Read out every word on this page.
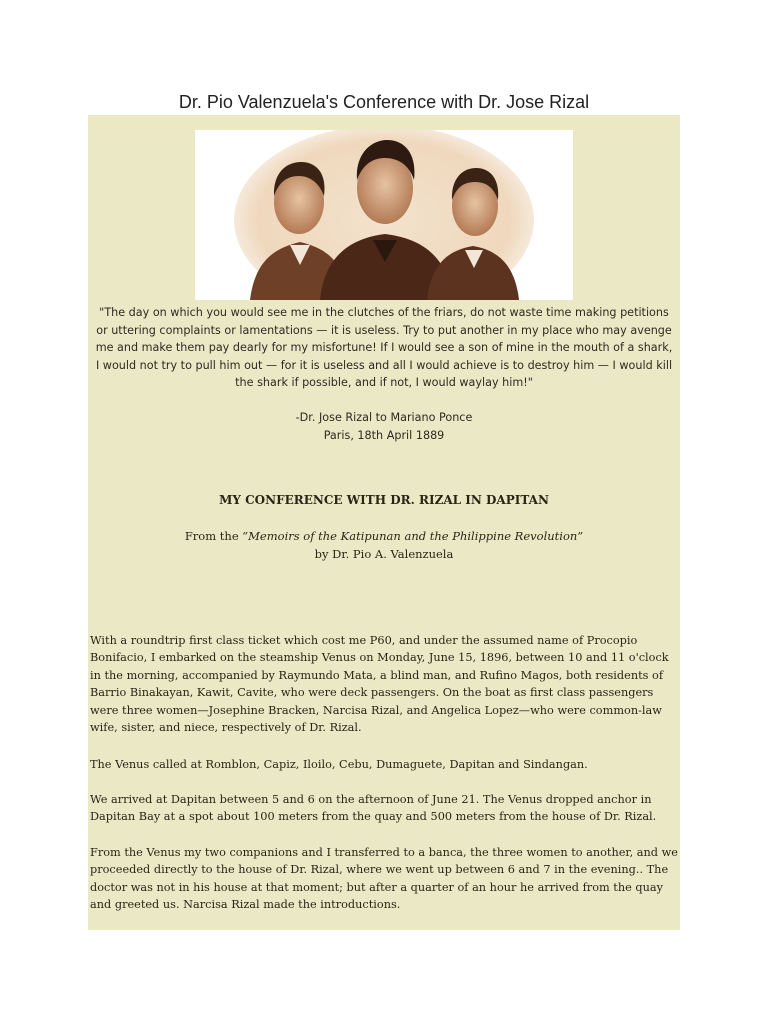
Dr. Pio Valenzuela's Conference with Dr. Jose Rizal
"The day on which you would see me in the clutches of the friars, do not waste time making petitions or uttering complaints or lamentations — it is useless. Try to put another in my place who may avenge me and make them pay dearly for my misfortune! If I would see a son of mine in the mouth of a shark, I would not try to pull him out — for it is useless and all I would achieve is to destroy him — I would kill the shark if possible, and if not, I would waylay him!"
-Dr. Jose Rizal to Mariano Ponce
Paris, 18th April 1889
MY CONFERENCE WITH DR. RIZAL IN DAPITAN
From the “Memoirs of the Katipunan and the Philippine Revolution”
by Dr. Pio A. Valenzuela
With a roundtrip first class ticket which cost me P60, and under the assumed name of Procopio Bonifacio, I embarked on the steamship Venus on Monday, June 15, 1896, between 10 and 11 o'clock in the morning, accompanied by Raymundo Mata, a blind man, and Rufino Magos, both residents of Barrio Binakayan, Kawit, Cavite, who were deck passengers. On the boat as first class passengers were three women—Josephine Bracken, Narcisa Rizal, and Angelica Lopez—who were common-law wife, sister, and niece, respectively of Dr. Rizal.
The Venus called at Romblon, Capiz, Iloilo, Cebu, Dumaguete, Dapitan and Sindangan.
We arrived at Dapitan between 5 and 6 on the afternoon of June 21. The Venus dropped anchor in Dapitan Bay at a spot about 100 meters from the quay and 500 meters from the house of Dr. Rizal.
From the Venus my two companions and I transferred to a banca, the three women to another, and we proceeded directly to the house of Dr. Rizal, where we went up between 6 and 7 in the evening.. The doctor was not in his house at that moment; but after a quarter of an hour he arrived from the quay and greeted us. Narcisa Rizal made the introductions.
